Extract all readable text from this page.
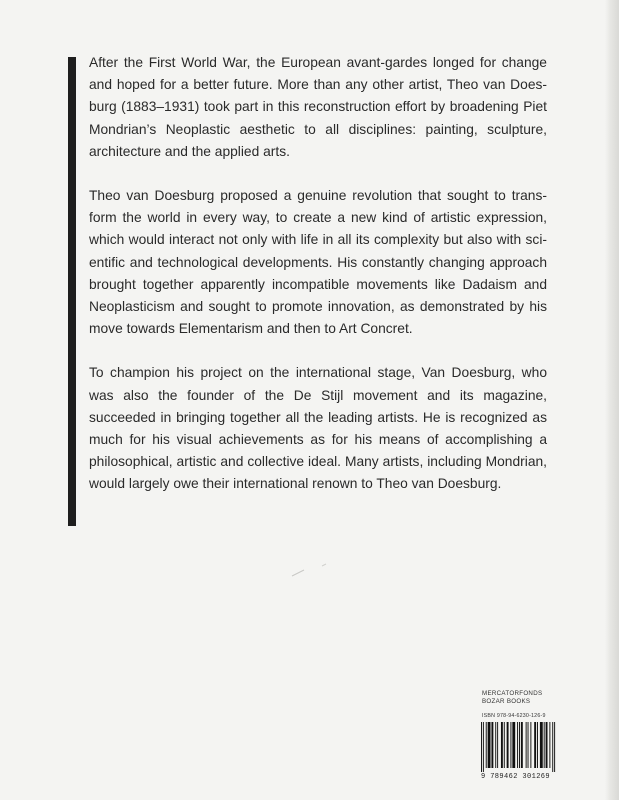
After the First World War, the European avant-gardes longed for change and hoped for a better future. More than any other artist, Theo van Doesburg (1883–1931) took part in this reconstruction effort by broadening Piet Mondrian’s Neoplastic aesthetic to all disciplines: painting, sculpture, architecture and the applied arts.

Theo van Doesburg proposed a genuine revolution that sought to transform the world in every way, to create a new kind of artistic expression, which would interact not only with life in all its complexity but also with scientific and technological developments. His constantly changing approach brought together apparently incompatible movements like Dadaism and Neoplasticism and sought to promote innovation, as demonstrated by his move towards Elementarism and then to Art Concret.

To champion his project on the international stage, Van Doesburg, who was also the founder of the De Stijl movement and its magazine, succeeded in bringing together all the leading artists. He is recognized as much for his visual achievements as for his means of accomplishing a philosophical, artistic and collective ideal. Many artists, including Mondrian, would largely owe their international renown to Theo van Doesburg.

MERCATORFONDS
BOZAR BOOKS
ISBN 978-94-6230-126-9
9 789462 301269
